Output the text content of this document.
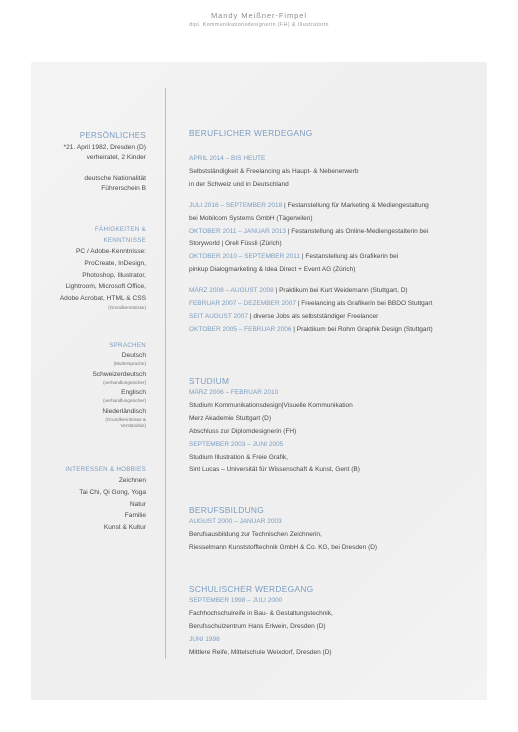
Mandy Meißner-Fimpel
dipl. Kommunikationsdesignerin (FH) & Illustratorin
PERSÖNLICHES
*21. April 1982, Dresden (D)
verheiratet, 2 Kinder
deutsche Nationalität
Führerschein B
FÄHIGKEITEN &
KENNTNISSE
PC / Adobe-Kenntnisse:
ProCreate, InDesign,
Photoshop, Illustrator,
Lightroom, Microsoft Office,
Adobe Acrobat, HTML & CSS
(Grundkenntnisse)
SPRACHEN
Deutsch
(Muttersprache)
Schweizerdeutsch
(verhandlungssicher)
Englisch
(verhandlungssicher)
Niederländisch
(Grundkenntnisse &
Verständnis)
INTERESSEN & HOBBIES
Zeichnen
Tai Chi, Qi Gong, Yoga
Natur
Familie
Kunst & Kultur
BERUFLICHER WERDEGANG
APRIL 2014 – BIS HEUTE
Selbstständigkeit & Freelancing als Haupt- & Nebenerwerb
in der Schweiz und in Deutschland
JULI 2016 – SEPTEMBER 2018 | Festanstellung für Marketing & Mediengestaltung
bei Mobilcom Systems GmbH (Tägerwilen)
OKTOBER 2011 – JANUAR 2013 | Festanstellung als Online-Mediengestalterin bei
Storyworld | Orell Füssli (Zürich)
OKTOBER 2010 – SEPTEMBER 2011 | Festanstellung als Grafikerin bei
pinkup Dialogmarketing & Idea Direct + Event AG (Zürich)
MÄRZ 2008 – AUGUST 2008 | Praktikum bei Kurt Weidemann (Stuttgart, D)
FEBRUAR 2007 – DEZEMBER 2007 | Freelancing als Grafikerin bei BBDO Stuttgart
SEIT AUGUST 2007 | diverse Jobs als selbstständiger Freelancer
OKTOBER 2005 – FEBRUAR 2006 | Praktikum bei Rohm Graphik Design (Stuttgart)
STUDIUM
MÄRZ 2006 – FEBRUAR 2010
Studium Kommunikationsdesign|Visuelle Kommunikation
Merz Akademie Stuttgart (D)
Abschluss zur Diplomdesignerin (FH)
SEPTEMBER 2003 – JUNI 2005
Studium Illustration & Freie Grafik,
Sint Lucas – Universität für Wissenschaft & Kunst, Gent (B)
BERUFSBILDUNG
AUGUST 2000 – JANUAR 2003
Berufsausbildung zur Technischen Zeichnerin,
Riesselmann Kunststofftechnik GmbH & Co. KG, bei Dresden (D)
SCHULISCHER WERDEGANG
SEPTEMBER 1998 – JULI 2000
Fachhochschulreife in Bau- & Gestaltungstechnik,
Berufsschulzentrum Hans Erlwein, Dresden (D)
JUNI 1998
Mittlere Reife, Mittelschule Weixdorf, Dresden (D)
